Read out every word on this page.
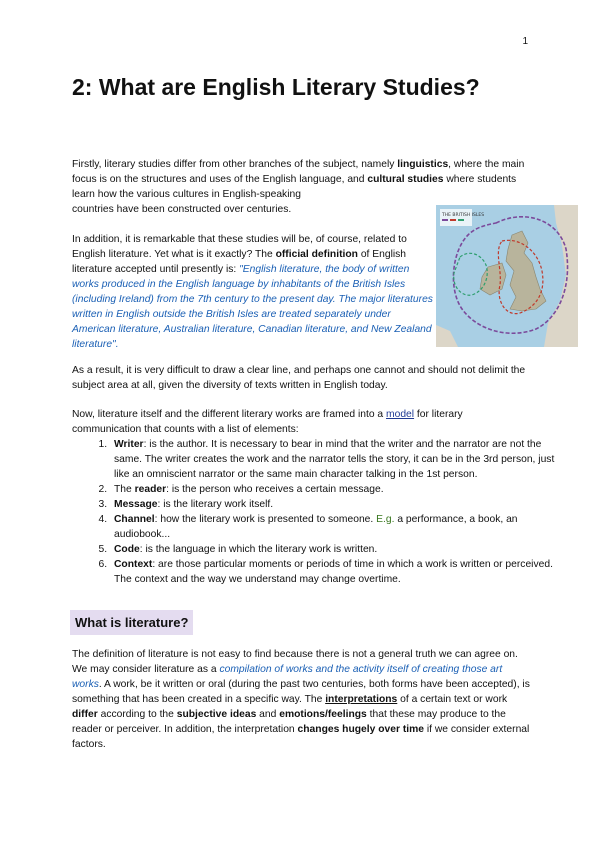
1
2: What are English Literary Studies?

Firstly, literary studies differ from other branches of the subject, namely linguistics, where the main focus is on the structures and uses of the English language, and cultural studies where students learn how the various cultures in English-speaking
countries have been constructed over centuries.

In addition, it is remarkable that these studies will be, of course, related to English literature. Yet what is it exactly? The official definition of English literature accepted until presently is: "English literature, the body of written works produced in the English language by inhabitants of the British Isles (including Ireland) from the 7th century to the present day. The major literatures written in English outside the British Isles are treated separately under American literature, Australian literature, Canadian literature, and New Zealand literature".

THE BRITISH ISLES

As a result, it is very difficult to draw a clear line, and perhaps one cannot and should not delimit the subject area at all, given the diversity of texts written in English today.

Now, literature itself and the different literary works are framed into a model for literary communication that counts with a list of elements:

1. Writer: is the author. It is necessary to bear in mind that the writer and the narrator are not the same. The writer creates the work and the narrator tells the story, it can be in the 3rd person, just like an omniscient narrator or the same main character talking in the 1st person.
2. The reader: is the person who receives a certain message.
3. Message: is the literary work itself.
4. Channel: how the literary work is presented to someone. E.g. a performance, a book, an audiobook...
5. Code: is the language in which the literary work is written.
6. Context: are those particular moments or periods of time in which a work is written or perceived. The context and the way we understand may change overtime.
What is literature?

The definition of literature is not easy to find because there is not a general truth we can agree on. We may consider literature as a compilation of works and the activity itself of creating those art works. A work, be it written or oral (during the past two centuries, both forms have been accepted), is something that has been created in a specific way. The interpretations of a certain text or work differ according to the subjective ideas and emotions/feelings that these may produce to the reader or perceiver. In addition, the interpretation changes hugely over time if we consider external factors.
